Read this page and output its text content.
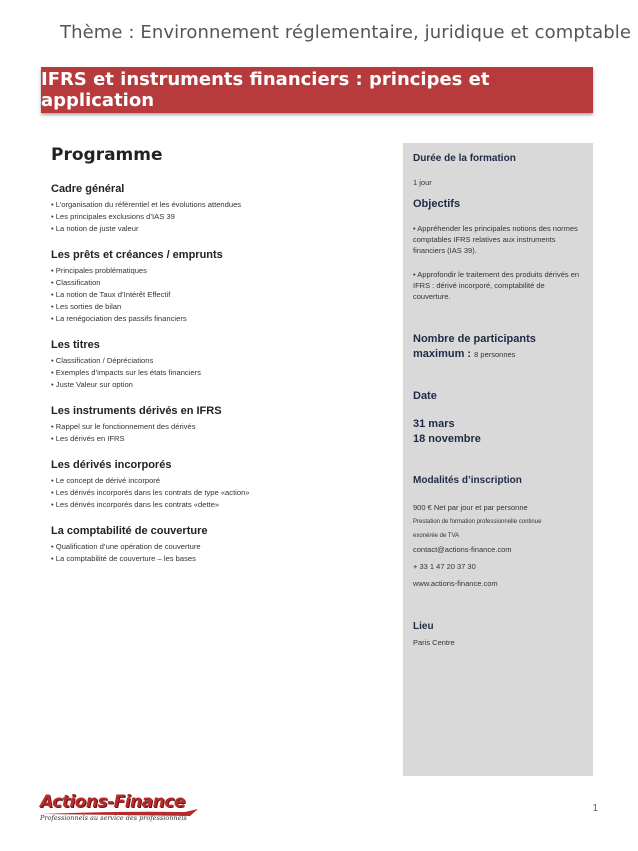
Thème : Environnement réglementaire, juridique et comptable
IFRS et instruments financiers : principes et application
Programme
Cadre général
• L’organisation du référentiel et les évolutions attendues
• Les principales exclusions d’IAS 39
• La notion de juste valeur
Les prêts et créances / emprunts
• Principales problématiques
• Classification
• La notion de Taux d’Intérêt Effectif
• Les sorties de bilan
• La renégociation des passifs financiers
Les titres
• Classification / Dépréciations
• Exemples d’impacts sur les états financiers
• Juste Valeur sur option
Les instruments dérivés en IFRS
• Rappel sur le fonctionnement des dérivés
• Les dérivés en IFRS
Les dérivés incorporés
• Le concept de dérivé incorporé
• Les dérivés incorporés dans les contrats de type «action»
• Les dérivés incorporés dans les contrats «dette»
La comptabilité de couverture
• Qualification d’une opération de couverture
• La comptabilité de couverture – les bases
Durée de la formation
1 jour
Objectifs
• Appréhender les principales notions des normes comptables IFRS relatives aux instruments financiers (IAS 39).
• Approfondir le traitement des produits dérivés en IFRS : dérivé incorporé, comptabilité de couverture.
Nombre de participants
maximum : 8 personnes
Date
31 mars
18 novembre
Modalités d’inscription
900 € Net par jour et par personne
Prestation de formation professionnelle continue
exonérée de TVA
contact@actions-finance.com
+ 33 1 47 20 37 30
www.actions-finance.com
Lieu
Paris Centre
Actions-Finance
Professionnels au service des professionnels
1
